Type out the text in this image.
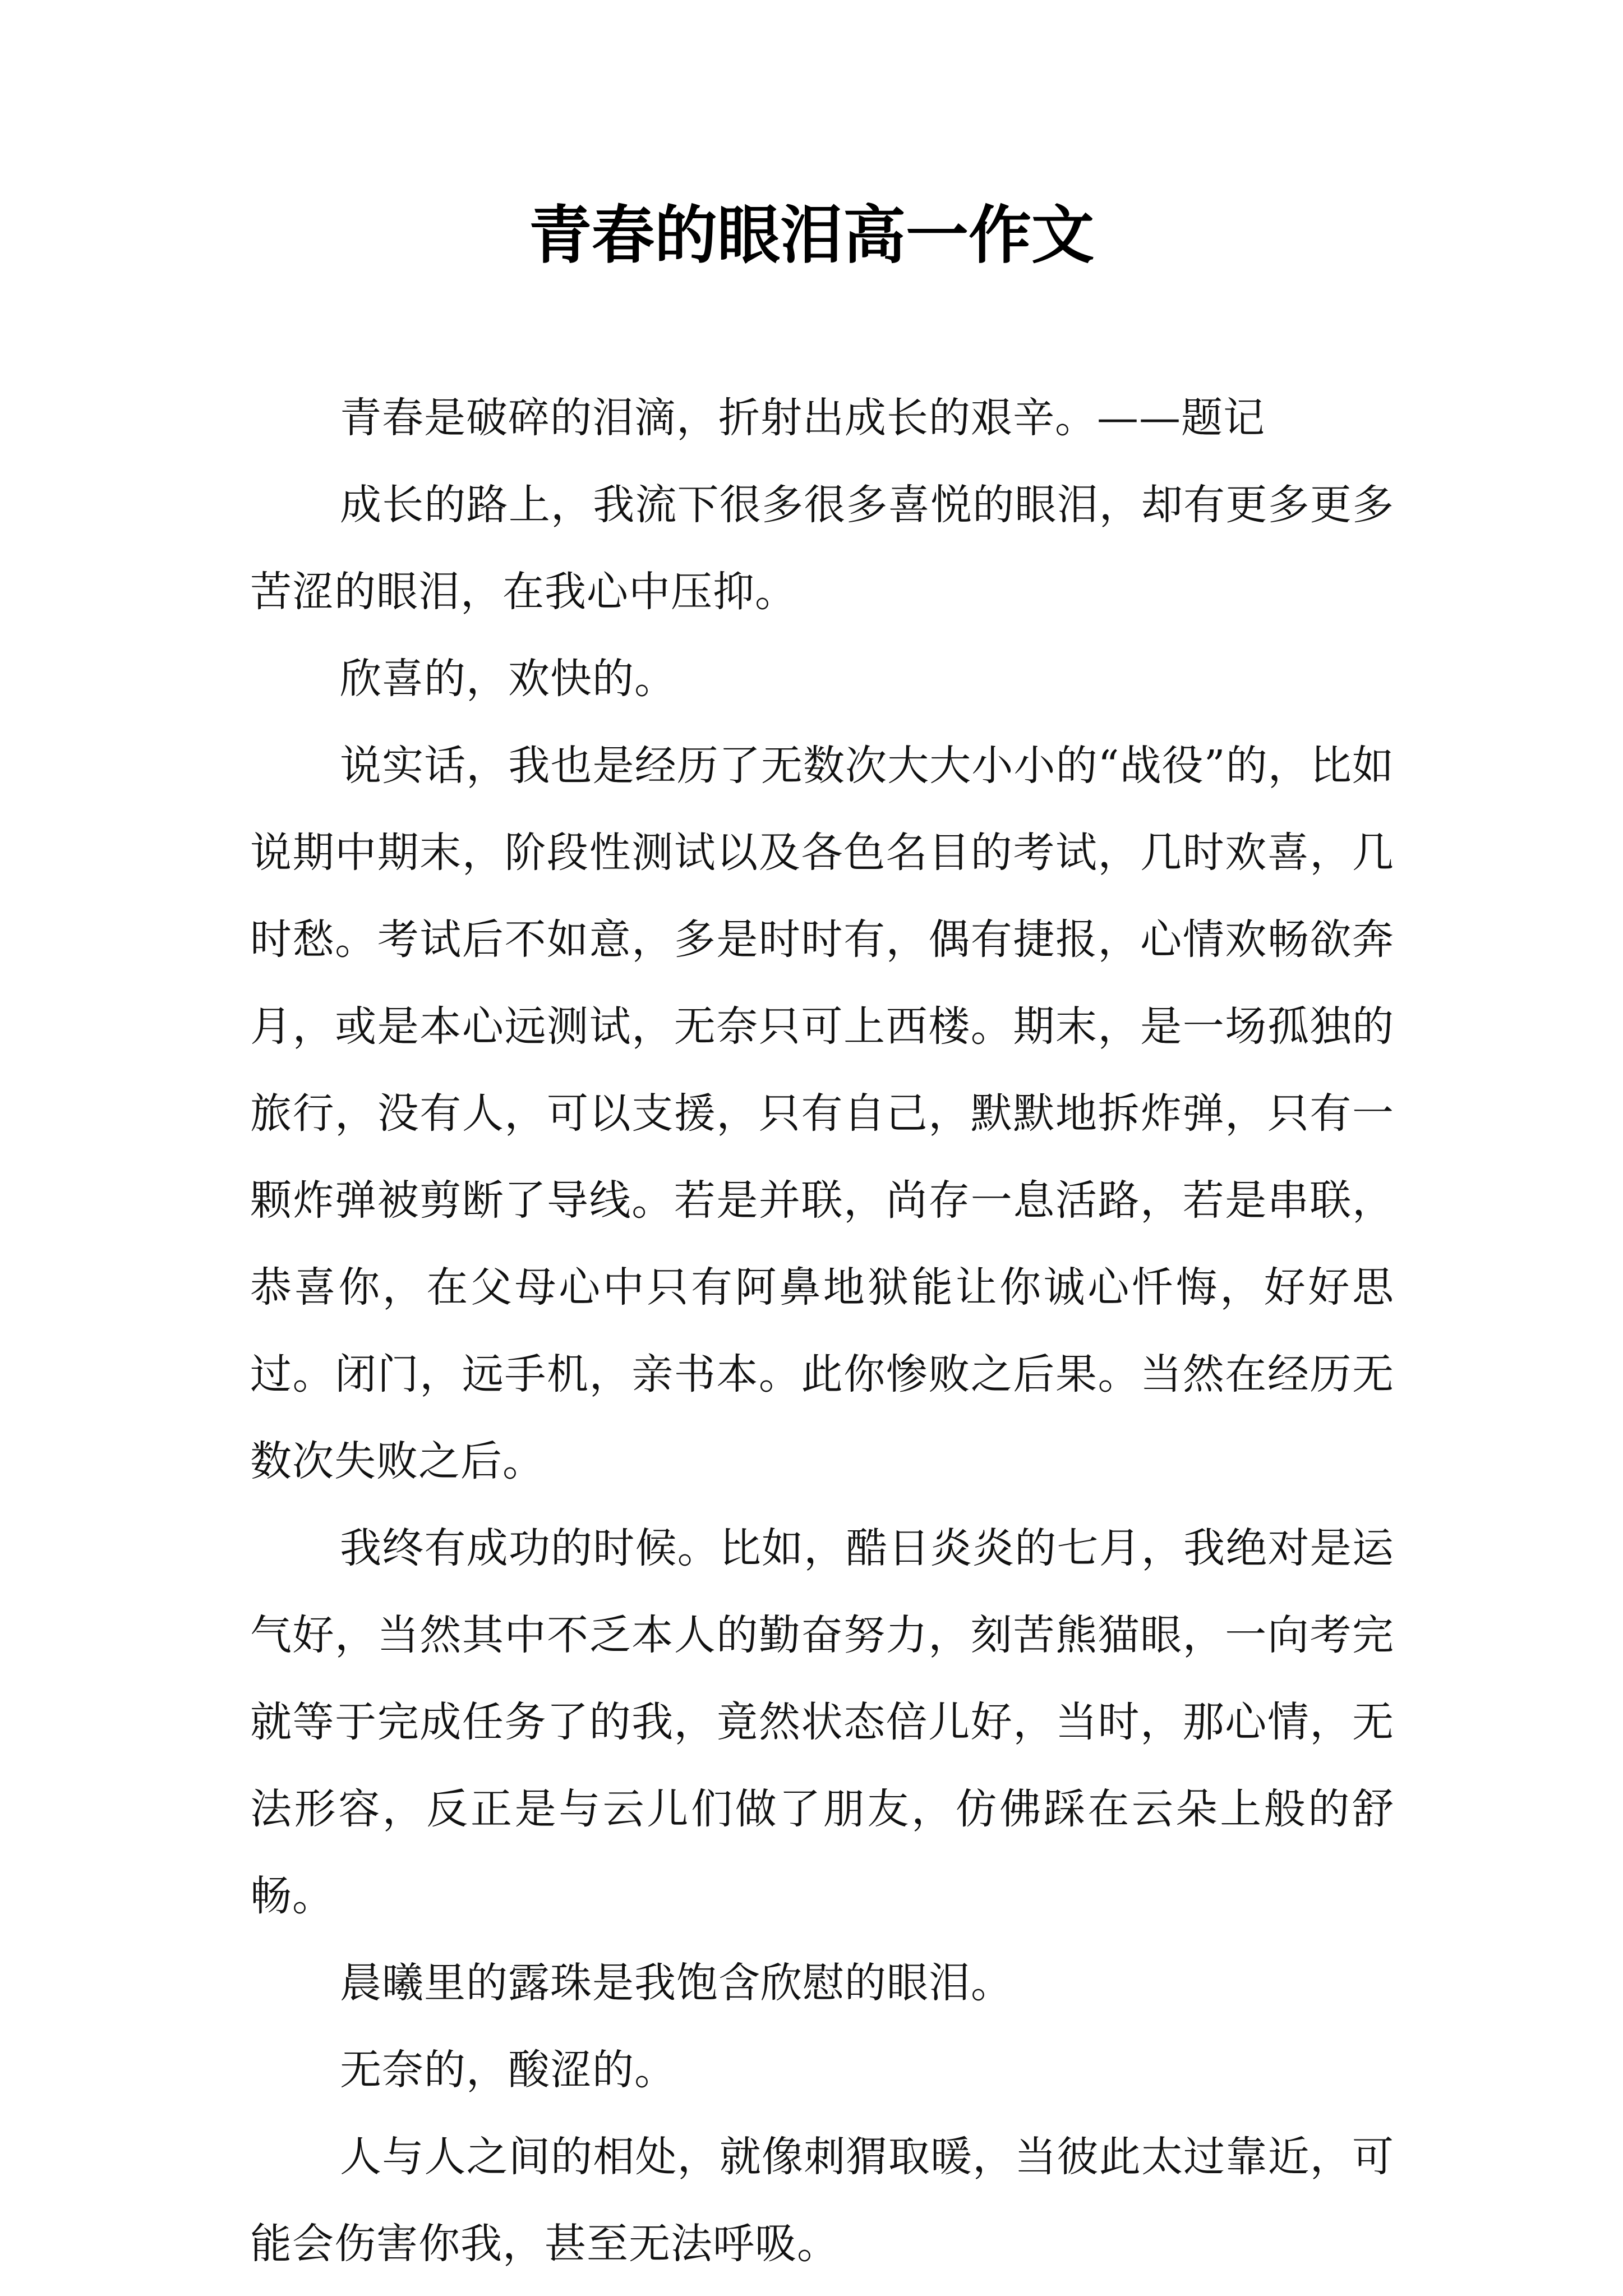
青春的眼泪高一作文

青春是破碎的泪滴，折射出成长的艰辛。——题记

成长的路上，我流下很多很多喜悦的眼泪，却有更多更多苦涩的眼泪，在我心中压抑。

欣喜的，欢快的。

说实话，我也是经历了无数次大大小小的“战役”的，比如说期中期末，阶段性测试以及各色名目的考试，几时欢喜，几时愁。考试后不如意，多是时时有，偶有捷报，心情欢畅欲奔月，或是本心远测试，无奈只可上西楼。期末，是一场孤独的旅行，没有人，可以支援，只有自己，默默地拆炸弹，只有一颗炸弹被剪断了导线。若是并联，尚存一息活路，若是串联，恭喜你，在父母心中只有阿鼻地狱能让你诚心忏悔，好好思过。闭门，远手机，亲书本。此你惨败之后果。当然在经历无数次失败之后。

我终有成功的时候。比如，酷日炎炎的七月，我绝对是运气好，当然其中不乏本人的勤奋努力，刻苦熊猫眼，一向考完就等于完成任务了的我，竟然状态倍儿好，当时，那心情，无法形容，反正是与云儿们做了朋友，仿佛踩在云朵上般的舒畅。

晨曦里的露珠是我饱含欣慰的眼泪。

无奈的，酸涩的。

人与人之间的相处，就像刺猬取暖，当彼此太过靠近，可能会伤害你我，甚至无法呼吸。
